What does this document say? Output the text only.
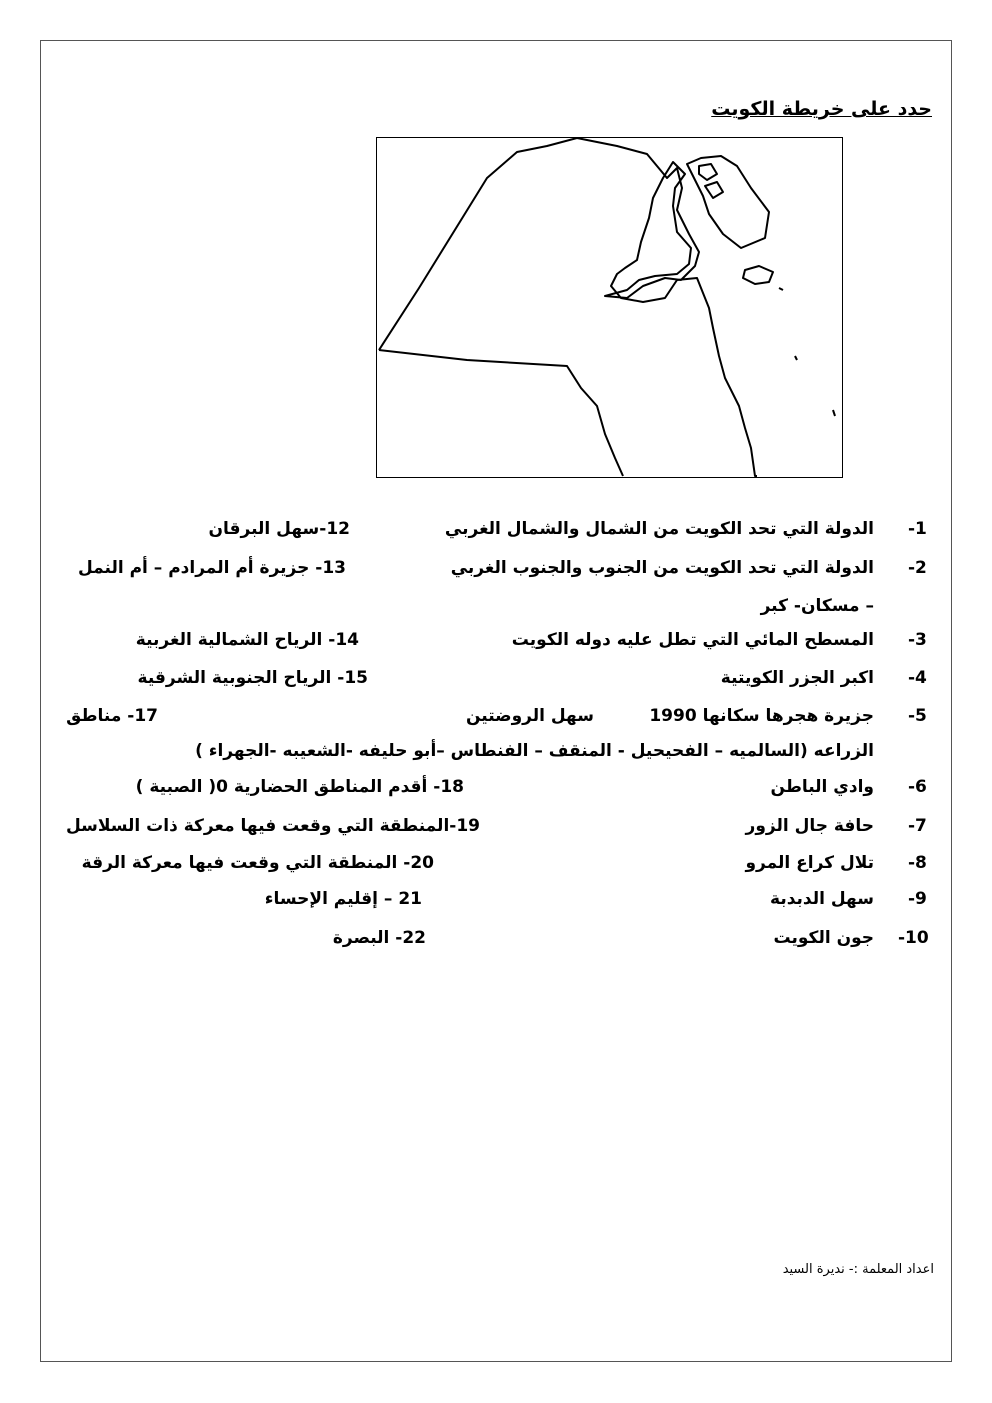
حدد على خريطة الكويت
-1
الدولة التي تحد الكويت من الشمال والشمال الغربي
12-سهل البرقان
-2
الدولة التي تحد الكويت من الجنوب والجنوب الغربي
13- جزيرة أم المرادم – أم النمل
– مسكان- كبر
-3
المسطح المائي التي تطل عليه دوله الكويت
14- الرياح الشمالية الغربية
-4
اكبر الجزر الكويتية
15- الرياح الجنوبية الشرقية
-5
جزيرة هجرها سكانها 1990
سهل الروضتين
17- مناطق
الزراعه (السالميه – الفحيحيل - المنقف – الفنطاس –أبو حليفه -الشعيبه -الجهراء )
-6
وادي الباطن
18- أقدم المناطق الحضارية 0( الصبية )
-7
حافة جال الزور
19-المنطقة التي وقعت فيها معركة ذات السلاسل
-8
تلال كراع المرو
20- المنطقة التي وقعت فيها معركة الرقة
-9
سهل الدبدبة
21 – إقليم الإحساء
-10
جون الكويت
22- البصرة
اعداد المعلمة :- نديرة السيد
